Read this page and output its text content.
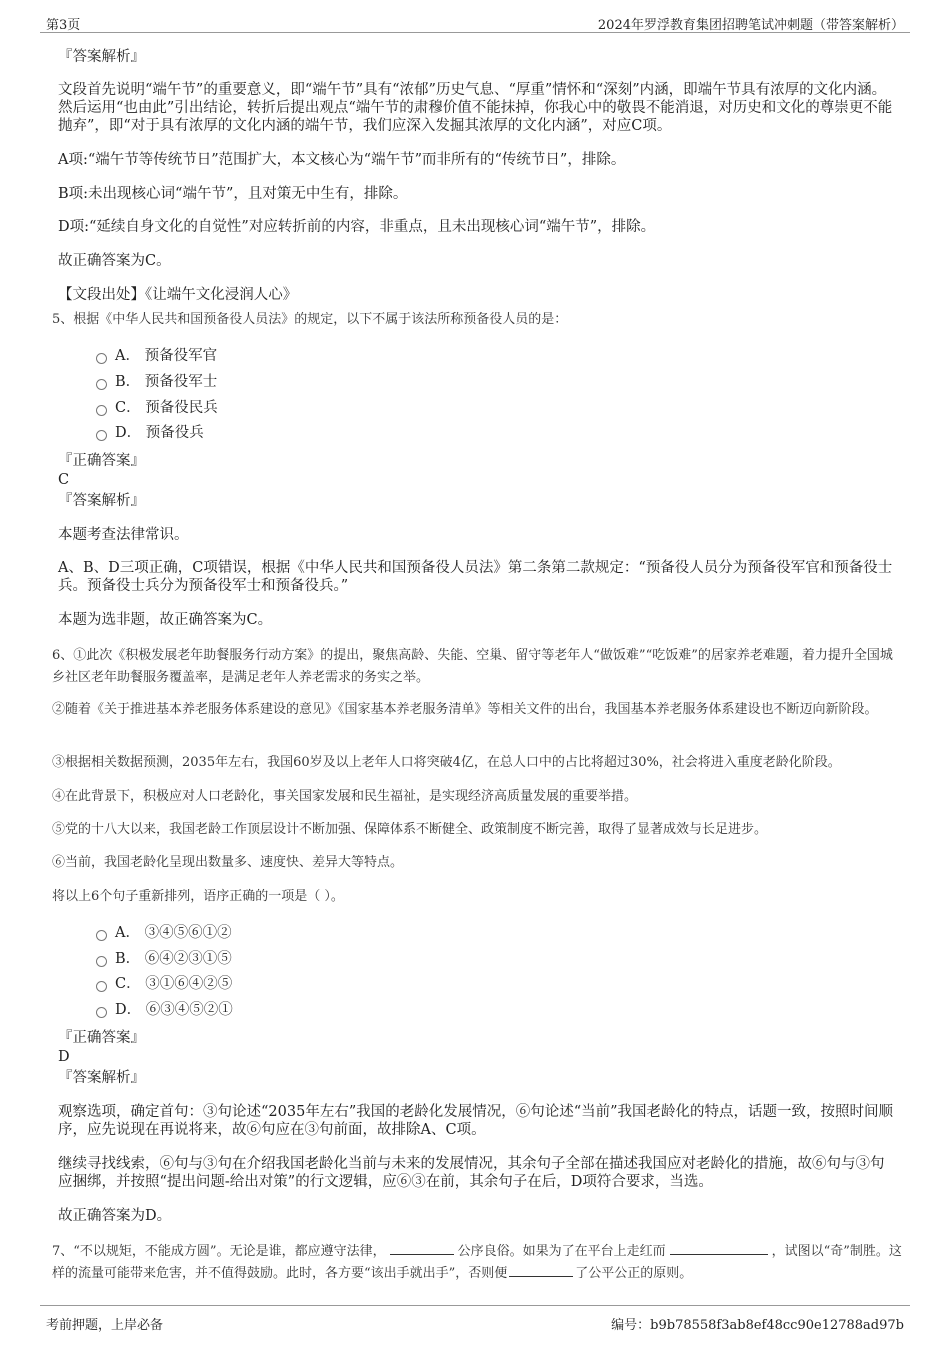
第3页	2024年罗浮教育集团招聘笔试冲刺题（带答案解析）
『答案解析』
文段首先说明“端午节”的重要意义，即“端午节”具有“浓郁”历史气息、“厚重”情怀和“深刻”内涵，即端午节具有浓厚的文化内涵。然后运用“也由此”引出结论，转折后提出观点“端午节的肃穆价值不能抹掉，你我心中的敬畏不能消退，对历史和文化的尊崇更不能抛弃”，即“对于具有浓厚的文化内涵的端午节，我们应深入发掘其浓厚的文化内涵”，对应C项。
A项:“端午节等传统节日”范围扩大，本文核心为“端午节”而非所有的“传统节日”，排除。
B项:未出现核心词“端午节”，且对策无中生有，排除。
D项:“延续自身文化的自觉性”对应转折前的内容，非重点，且未出现核心词“端午节”，排除。
故正确答案为C。
【文段出处】《让端午文化浸润人心》
5、根据《中华人民共和国预备役人员法》的规定，以下不属于该法所称预备役人员的是：
A． 预备役军官
B． 预备役军士
C． 预备役民兵
D． 预备役兵
『正确答案』
C
『答案解析』
本题考查法律常识。
A、B、D三项正确，C项错误，根据《中华人民共和国预备役人员法》第二条第二款规定：“预备役人员分为预备役军官和预备役士兵。预备役士兵分为预备役军士和预备役兵。”
本题为选非题，故正确答案为C。
6、①此次《积极发展老年助餐服务行动方案》的提出，聚焦高龄、失能、空巢、留守等老年人“做饭难”“吃饭难”的居家养老难题，着力提升全国城乡社区老年助餐服务覆盖率，是满足老年人养老需求的务实之举。
②随着《关于推进基本养老服务体系建设的意见》《国家基本养老服务清单》等相关文件的出台，我国基本养老服务体系建设也不断迈向新阶段。
③根据相关数据预测，2035年左右，我国60岁及以上老年人口将突破4亿，在总人口中的占比将超过30%，社会将进入重度老龄化阶段。
④在此背景下，积极应对人口老龄化，事关国家发展和民生福祉，是实现经济高质量发展的重要举措。
⑤党的十八大以来，我国老龄工作顶层设计不断加强、保障体系不断健全、政策制度不断完善，取得了显著成效与长足进步。
⑥当前，我国老龄化呈现出数量多、速度快、差异大等特点。
将以上6个句子重新排列，语序正确的一项是（ ）。
A． ③④⑤⑥①②
B． ⑥④②③①⑤
C． ③①⑥④②⑤
D． ⑥③④⑤②①
『正确答案』
D
『答案解析』
观察选项，确定首句：③句论述“2035年左右”我国的老龄化发展情况，⑥句论述“当前”我国老龄化的特点，话题一致，按照时间顺序，应先说现在再说将来，故⑥句应在③句前面，故排除A、C项。
继续寻找线索，⑥句与③句在介绍我国老龄化当前与未来的发展情况，其余句子全部在描述我国应对老龄化的措施，故⑥句与③句应捆绑，并按照“提出问题-给出对策”的行文逻辑，应⑥③在前，其余句子在后，D项符合要求，当选。
故正确答案为D。
7、“不以规矩，不能成方圆”。无论是谁，都应遵守法律，	公序良俗。如果为了在平台上走红而	，试图以“奇”制胜。这样的流量可能带来危害，并不值得鼓励。此时，各方要“该出手就出手”，否则便	了公平公正的原则。
考前押题，上岸必备	编号：b9b78558f3ab8ef48cc90e12788ad97b
